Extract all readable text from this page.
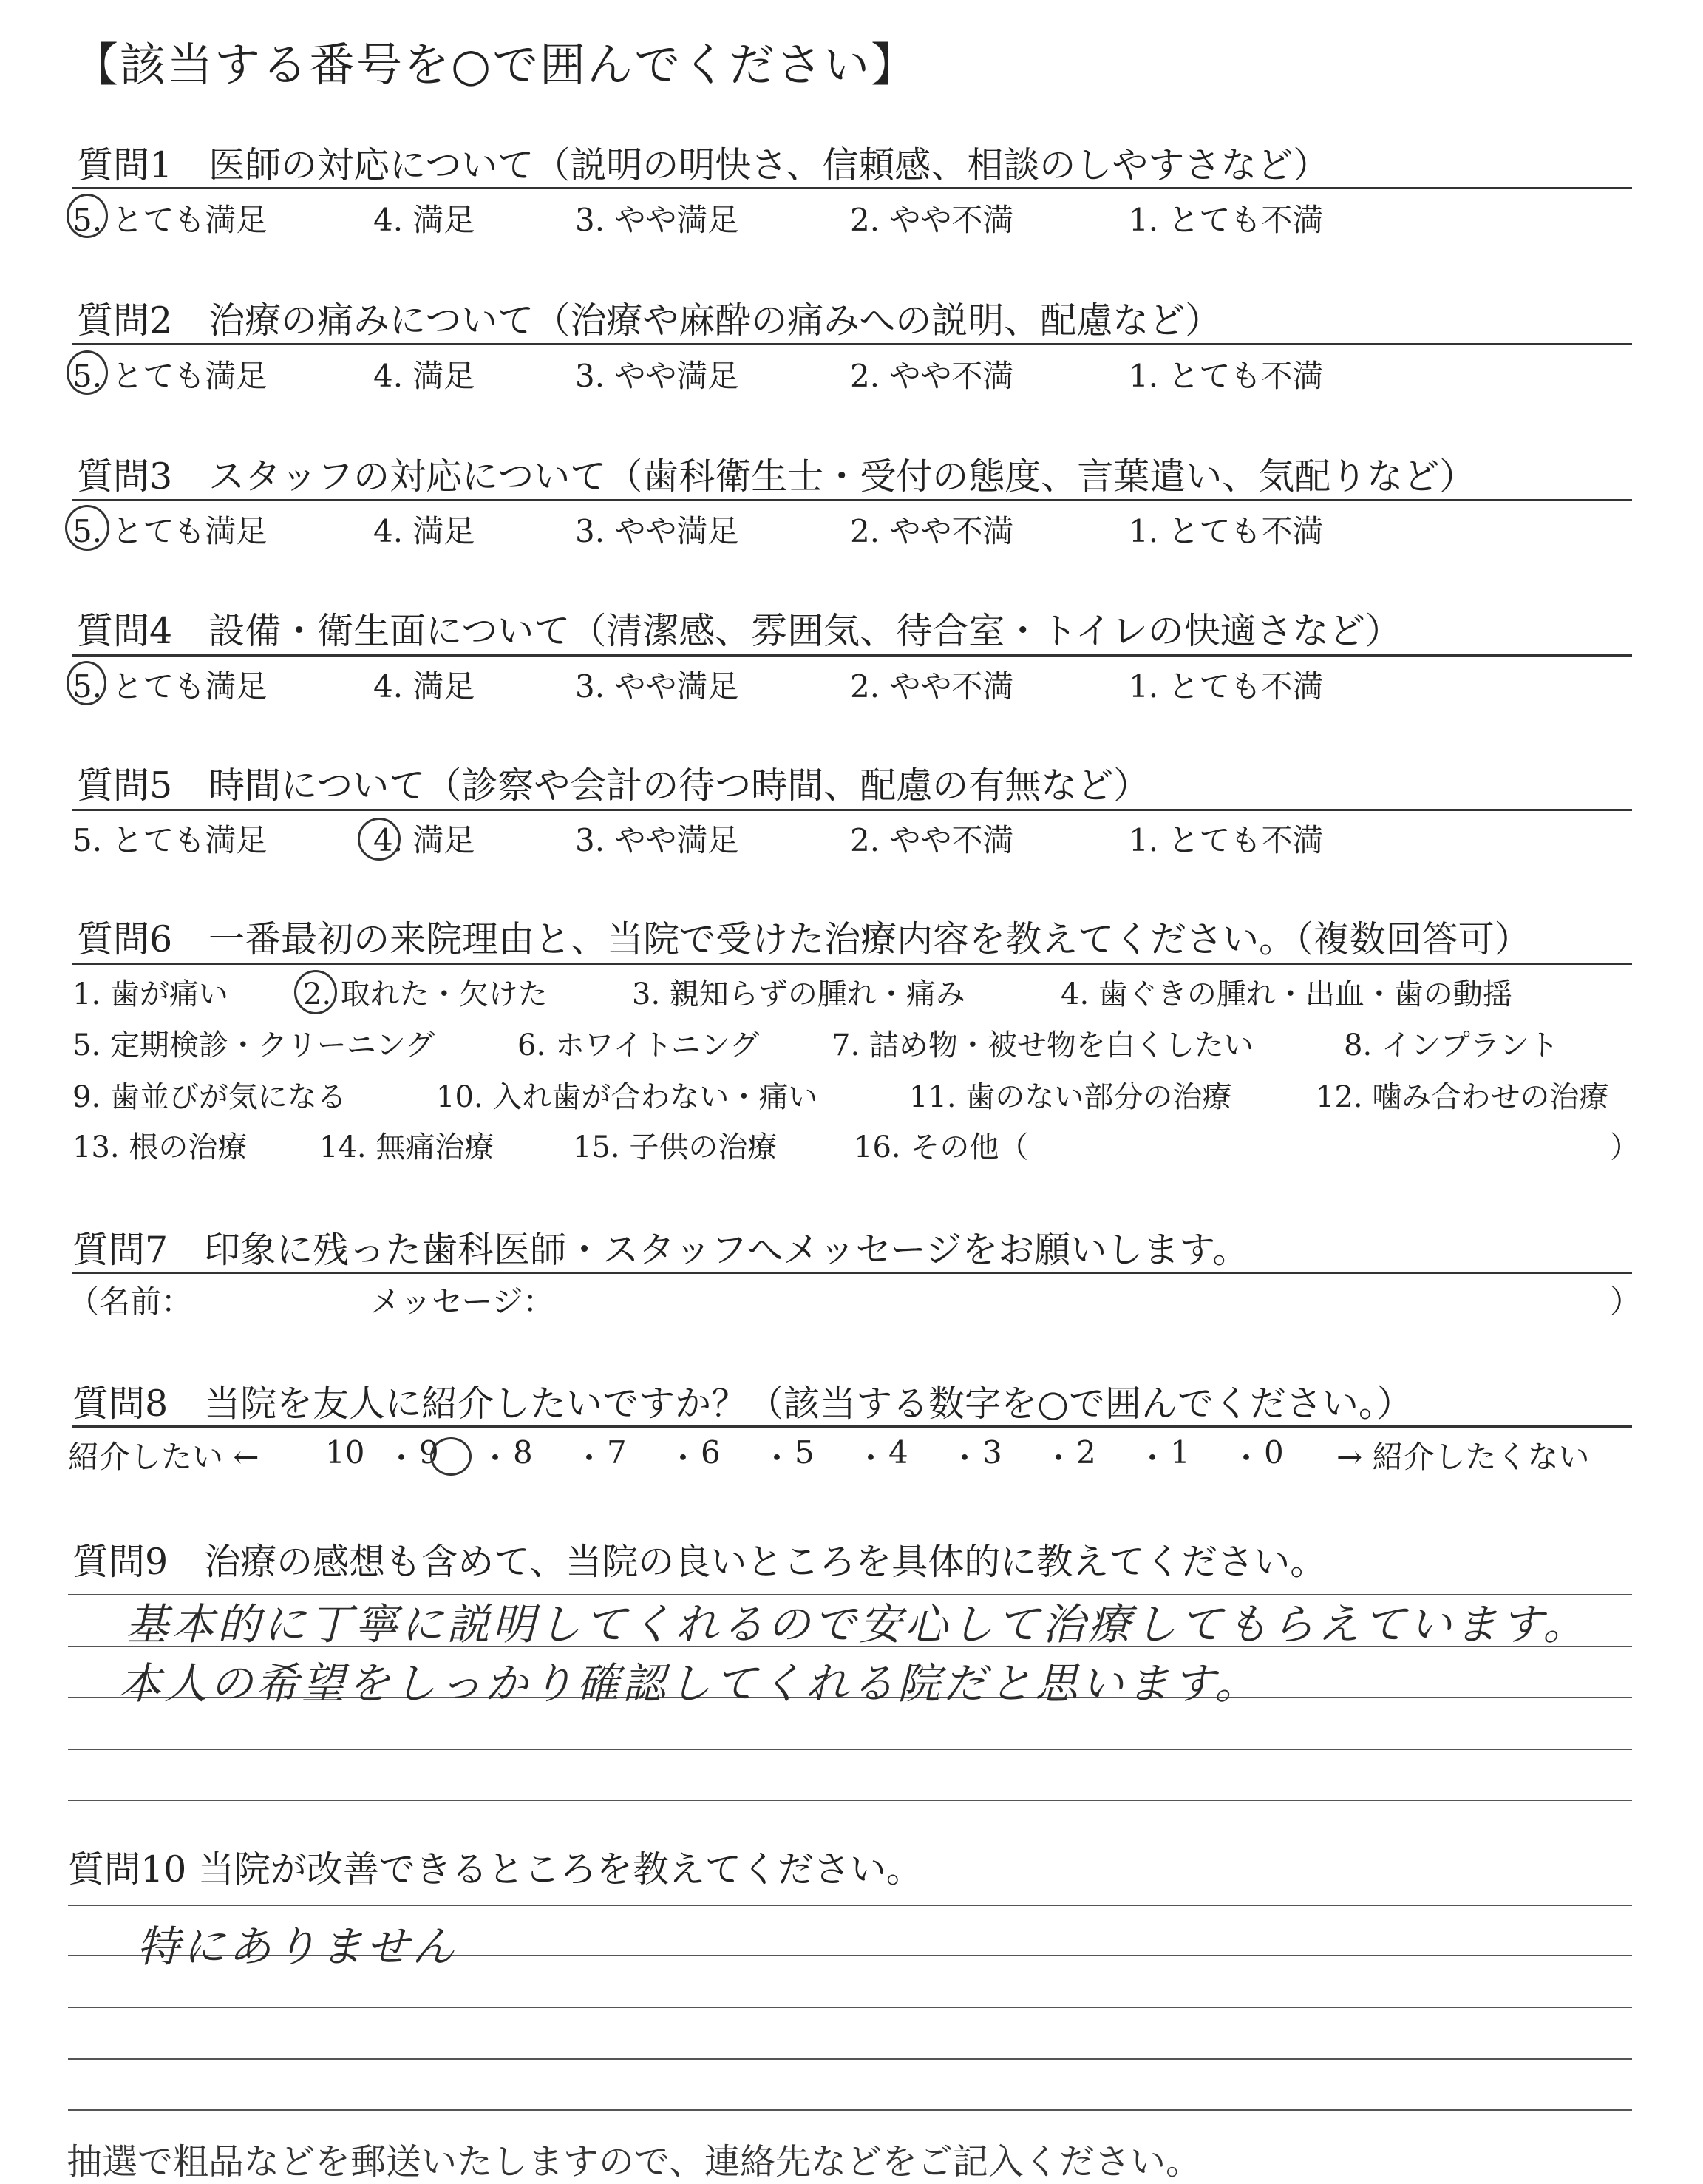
【該当する番号を○で囲んでください】
質問1　医師の対応について（説明の明快さ、信頼感、相談のしやすさなど）
5. とても満足	4. 満足	3. やや満足	2. やや不満	1. とても不満
質問2　治療の痛みについて（治療や麻酔の痛みへの説明、配慮など）
5. とても満足	4. 満足	3. やや満足	2. やや不満	1. とても不満
質問3　スタッフの対応について（歯科衛生士・受付の態度、言葉遣い、気配りなど）
5. とても満足	4. 満足	3. やや満足	2. やや不満	1. とても不満
質問4　設備・衛生面について（清潔感、雰囲気、待合室・トイレの快適さなど）
5. とても満足	4. 満足	3. やや満足	2. やや不満	1. とても不満
質問5　時間について（診察や会計の待つ時間、配慮の有無など）
5. とても満足	4. 満足	3. やや満足	2. やや不満	1. とても不満
質問6　一番最初の来院理由と、当院で受けた治療内容を教えてください。（複数回答可）
1. 歯が痛い	2. 取れた・欠けた	3. 親知らずの腫れ・痛み	4. 歯ぐきの腫れ・出血・歯の動揺
5. 定期検診・クリーニング	6. ホワイトニング 7. 詰め物・被せ物を白くしたい	8. インプラント
9. 歯並びが気になる	10. 入れ歯が合わない・痛い	11. 歯のない部分の治療	12. 噛み合わせの治療
13. 根の治療 14. 無痛治療	15. 子供の治療	16. その他（	）
質問7　印象に残った歯科医師・スタッフへメッセージをお願いします。
（名前：	メッセージ：	）
質問8　当院を友人に紹介したいですか？（該当する数字を○で囲んでください。）
紹介したい ← 10 ・ 9 ・ 8 ・ 7 ・ 6 ・ 5 ・ 4 ・ 3 ・ 2 ・ 1 ・ 0 → 紹介したくない
質問9　治療の感想も含めて、当院の良いところを具体的に教えてください。
基本的に丁寧に説明してくれるので安心して治療してもらえています。
本人の希望をしっかり確認してくれる院だと思います。
質問10 当院が改善できるところを教えてください。
特にありません
抽選で粗品などを郵送いたしますので、連絡先などをご記入ください。
